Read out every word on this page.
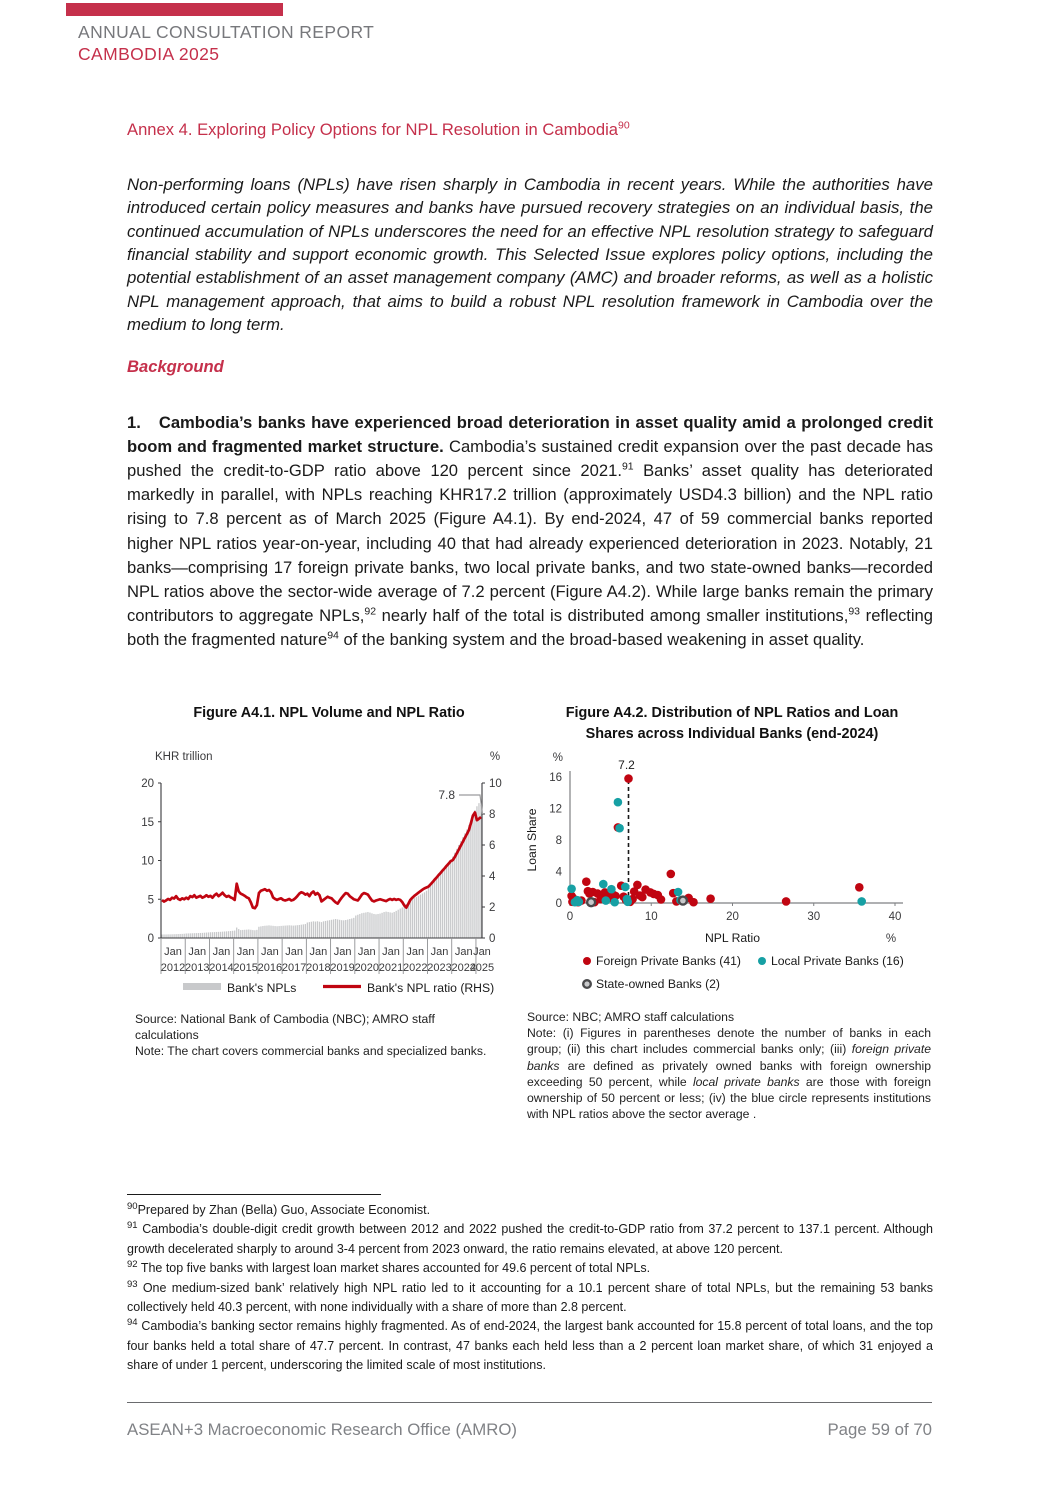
ANNUAL CONSULTATION REPORT
CAMBODIA 2025
Annex 4. Exploring Policy Options for NPL Resolution in Cambodia$^{90}$

Non-performing loans (NPLs) have risen sharply in Cambodia in recent years. While the authorities have introduced certain policy measures and banks have pursued recovery strategies on an individual basis, the continued accumulation of NPLs underscores the need for an effective NPL resolution strategy to safeguard financial stability and support economic growth. This Selected Issue explores policy options, including the potential establishment of an asset management company (AMC) and broader reforms, as well as a holistic NPL management approach, that aims to build a robust NPL resolution framework in Cambodia over the medium to long term.

Background

1. Cambodia’s banks have experienced broad deterioration in asset quality amid a prolonged credit boom and fragmented market structure. Cambodia’s sustained credit expansion over the past decade has pushed the credit-to-GDP ratio above 120 percent since 2021.91 Banks’ asset quality has deteriorated markedly in parallel, with NPLs reaching KHR17.2 trillion (approximately USD4.3 billion) and the NPL ratio rising to 7.8 percent as of March 2025 (Figure A4.1). By end-2024, 47 of 59 commercial banks reported higher NPL ratios year-on-year, including 40 that had already experienced deterioration in 2023. Notably, 21 banks—comprising 17 foreign private banks, two local private banks, and two state-owned banks—recorded NPL ratios above the sector-wide average of 7.2 percent (Figure A4.2). While large banks remain the primary contributors to aggregate NPLs,$^{92}$ nearly half of the total is distributed among smaller institutions,$^{93}$ reflecting both the fragmented nature$^{94}$ of the banking system and the broad-based weakening in asset quality.

Figure A4.1. NPL Volume and NPL Ratio
KHR trillion	%
0
5
10
15
20
0
2
4
6
8
10
Jan
2012
Jan
2013
Jan
2014
Jan
2015
Jan
2016
Jan
2017
Jan
2018
Jan
2019
Jan
2020
Jan
2021
Jan
2022
Jan
2023
Jan
2024
Jan
2025
7.8
Bank's NPLs	Bank's NPL ratio (RHS)
Source: National Bank of Cambodia (NBC); AMRO staff
calculations
Note: The chart covers commercial banks and specialized banks.
Figure A4.2. Distribution of NPL Ratios and Loan
Shares across Individual Banks (end-2024)
0
4
8
12
16
0	10	20	30	40
%
%
NPL Ratio
Loan Share
7.2
Foreign Private Banks (41) Local Private Banks (16)
State-owned Banks (2)
Source: NBC; AMRO staff calculations
Note: (i) Figures in parentheses denote the number of banks in each group; (ii) this chart includes commercial banks only; (iii) foreign private banks are defined as privately owned banks with foreign ownership exceeding 50 percent, while local private banks are those with foreign ownership of 50 percent or less; (iv) the blue circle represents institutions with NPL ratios above the sector average .

$^{90}$Prepared by Zhan (Bella) Guo, Associate Economist.

$^{91}$ Cambodia’s double-digit credit growth between 2012 and 2022 pushed the credit-to-GDP ratio from 37.2 percent to 137.1 percent. Although growth decelerated sharply to around 3-4 percent from 2023 onward, the ratio remains elevated, at above 120 percent.

$^{92}$ The top five banks with largest loan market shares accounted for 49.6 percent of total NPLs.

$^{93}$ One medium-sized bank’ relatively high NPL ratio led to it accounting for a 10.1 percent share of total NPLs, but the remaining 53 banks collectively held 40.3 percent, with none individually with a share of more than 2.8 percent.

$^{94}$ Cambodia’s banking sector remains highly fragmented. As of end-2024, the largest bank accounted for 15.8 percent of total loans, and the top four banks held a total share of 47.7 percent. In contrast, 47 banks each held less than a 2 percent loan market share, of which 31 enjoyed a share of under 1 percent, underscoring the limited scale of most institutions.

ASEAN+3 Macroeconomic Research Office (AMRO)	Page 59 of 70
